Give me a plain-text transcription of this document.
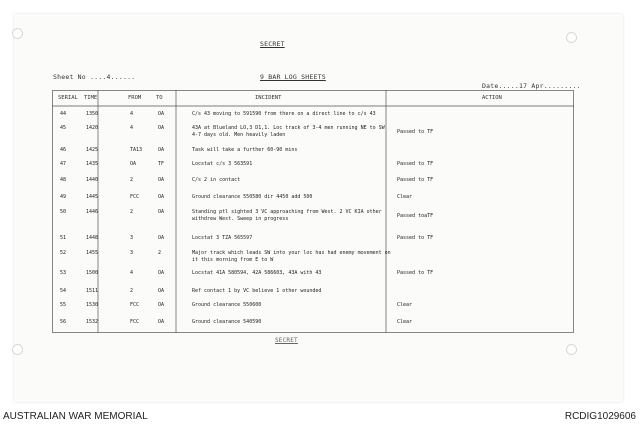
SECRET
Sheet No ....4......	9 BAR LOG SHEETS
Date.....17 Apr.........
SERIAL TIME	FROM	TO	INCIDENT	ACTION
44	1350	4	OA	C/s 43 moving to 591590 from there on a direct line to c/s 43
45	1420	4	OA	43A at Blueland LO,3 D1,1. Loc track of 3-4 men running NE to SW
4-7 days old. Men heavily laden	Passed to TF
46	1425	TA13	OA	Task will take a further 60-90 mins
47	1435	OA	TF	Locstat c/s 3 563591	Passed to TF
48	1440	2	OA	C/s 2 in contact	Passed to TF
49	1445	FCC	OA	Ground clearance 550580 dir 4450 add 500	Clear
50	1446	2	OA	Standing ptl sighted 3 VC approaching from West. 2 VC KIA other
withdrew West. Sweep in progress	Passed toaTF
51	1448	3	OA	Locstat 3 TZA 565597	Passed to TF
52	1455	3	2	Major track which leads SW into your loc has had enemy movement on
it this morning from E to W
53	1500	4	OA	Locstat 41A 580594, 42A 586603, 43A with 43	Passed to TF
54	1511	2	OA	Ref contact 1 by VC believe 1 other wounded
55	1530	FCC	OA	Ground clearance 550600	Clear
56	1532	FCC	OA	Ground clearance 540590	Clear
SECRET
AUSTRALIAN WAR MEMORIAL	RCDIG1029606
